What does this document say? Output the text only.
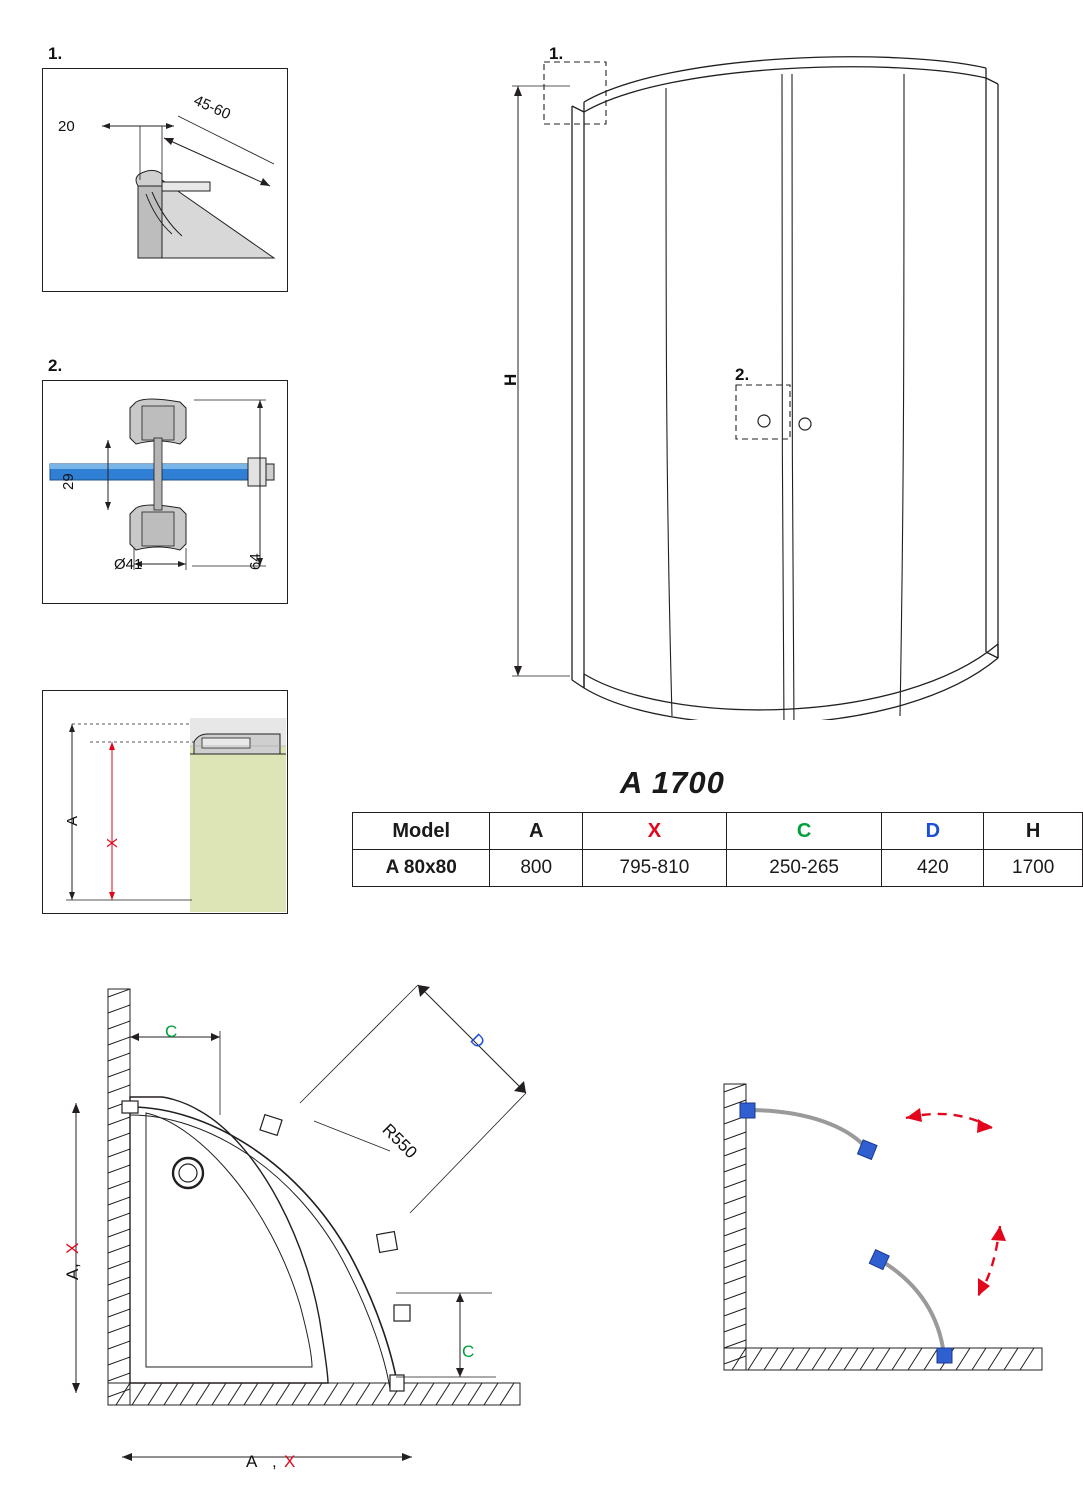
1.
20
45-60
2.
29
Ø41	64
A
X
1.
2.
H
A 1700
Model	A	X	C	D	H
A 80x80	800	795-810	250-265	420	1700
C
C
D
R550
A
X
A X
,
,
